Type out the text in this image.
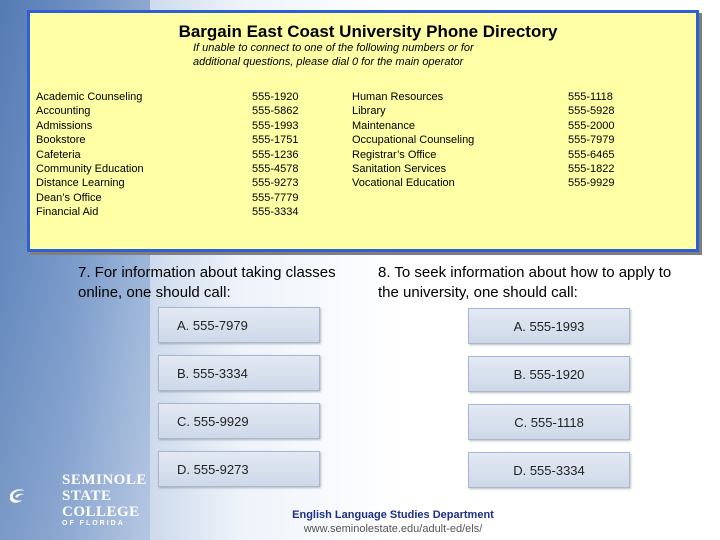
Bargain East Coast University Phone Directory
If unable to connect to one of the following numbers or for
additional questions, please dial 0 for the main operator
Academic Counseling
Accounting
Admissions
Bookstore
Cafeteria
Community Education
Distance Learning
Dean’s Office
Financial Aid
555-1920
555-5862
555-1993
555-1751
555-1236
555-4578
555-9273
555-7779
555-3334
Human Resources
Library
Maintenance
Occupational Counseling
Registrar’s Office
Sanitation Services
Vocational Education
555-1118
555-5928
555-2000
555-7979
555-6465
555-1822
555-9929
7. For information about taking classes online, one should call:
8. To seek information about how to apply to the university, one should call:
A. 555-7979
B. 555-3334
C. 555-9929
D. 555-9273
A. 555-1993
B. 555-1920
C. 555-1118
D. 555-3334
SEMINOLE
STATE
COLLEGE
OF FLORIDA
English Language Studies Department
www.seminolestate.edu/adult-ed/els/
